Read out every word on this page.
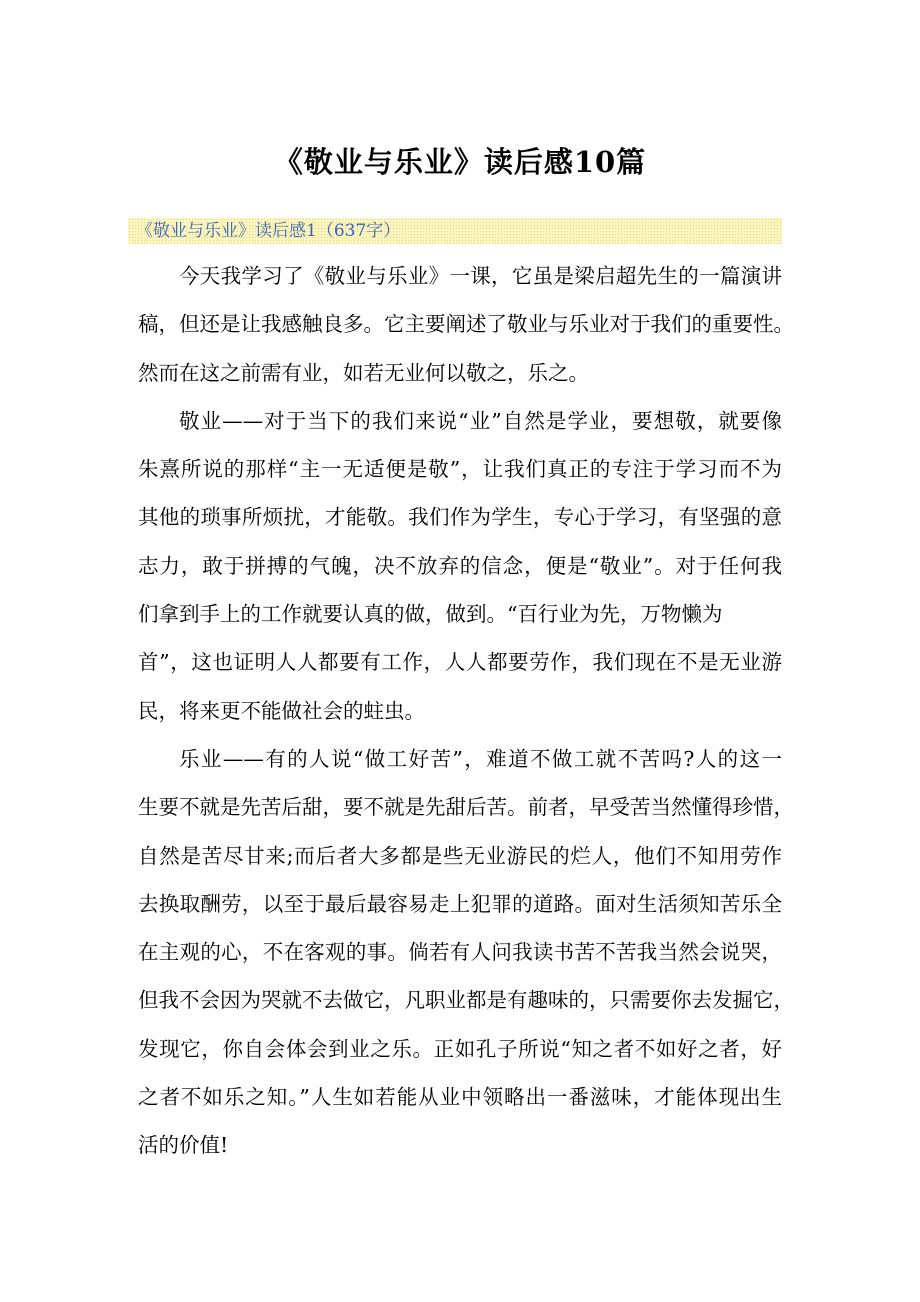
《敬业与乐业》读后感10篇
《敬业与乐业》读后感1（637字）

今天我学习了《敬业与乐业》一课，它虽是梁启超先生的一篇演讲
稿，但还是让我感触良多。它主要阐述了敬业与乐业对于我们的重要性。
然而在这之前需有业，如若无业何以敬之，乐之。

敬业——对于当下的我们来说“业”自然是学业，要想敬，就要像
朱熹所说的那样“主一无适便是敬”，让我们真正的专注于学习而不为
其他的琐事所烦扰，才能敬。我们作为学生，专心于学习，有坚强的意
志力，敢于拼搏的气魄，决不放弃的信念，便是“敬业”。对于任何我
们拿到手上的工作就要认真的做，做到。“百行业为先，万物懒为
首”，这也证明人人都要有工作，人人都要劳作，我们现在不是无业游
民，将来更不能做社会的蛀虫。

乐业——有的人说“做工好苦”，难道不做工就不苦吗?人的这一
生要不就是先苦后甜，要不就是先甜后苦。前者，早受苦当然懂得珍惜，
自然是苦尽甘来;而后者大多都是些无业游民的烂人，他们不知用劳作
去换取酬劳，以至于最后最容易走上犯罪的道路。面对生活须知苦乐全
在主观的心，不在客观的事。倘若有人问我读书苦不苦我当然会说哭，
但我不会因为哭就不去做它，凡职业都是有趣味的，只需要你去发掘它，
发现它，你自会体会到业之乐。正如孔子所说“知之者不如好之者，好
之者不如乐之知。”人生如若能从业中领略出一番滋味，才能体现出生
活的价值!
